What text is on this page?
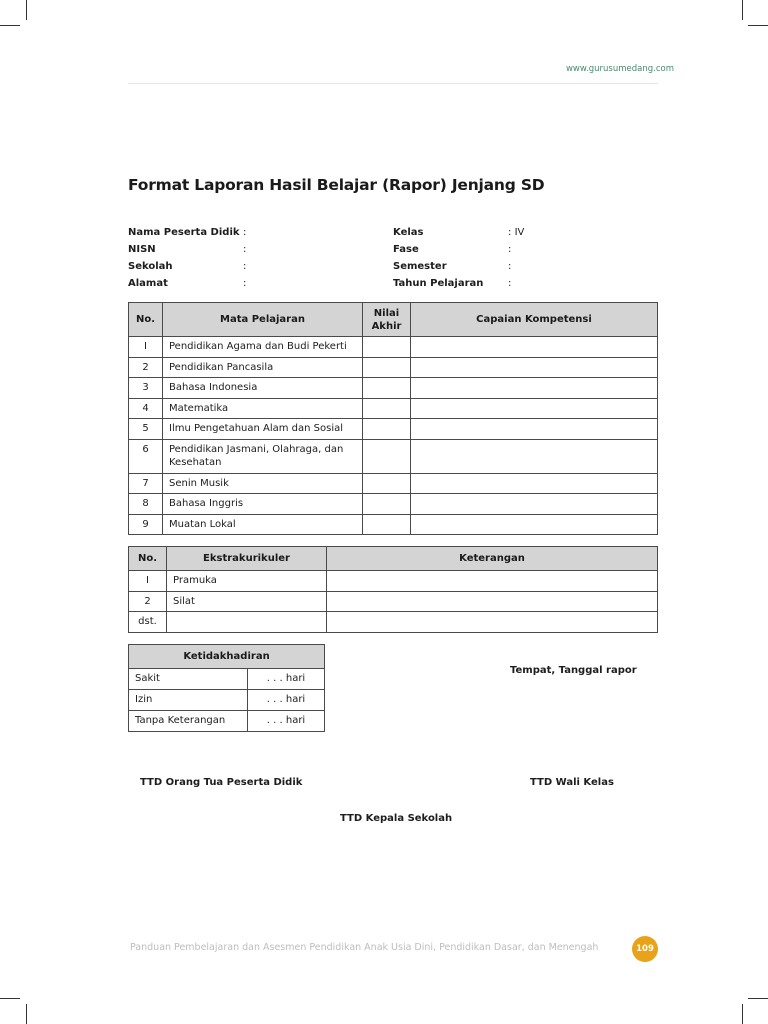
www.gurusumedang.com
Format Laporan Hasil Belajar (Rapor) Jenjang SD
Nama Peserta Didik :
NISN	:
Sekolah	:
Alamat	:
Kelas	: IV
Fase	:
Semester	:
Tahun Pelajaran :
No.	Mata Pelajaran	Nilai Akhir	Capaian Kompetensi
I	Pendidikan Agama dan Budi Pekerti		
2	Pendidikan Pancasila		
3	Bahasa Indonesia		
4	Matematika		
5	Ilmu Pengetahuan Alam dan Sosial		
6	Pendidikan Jasmani, Olahraga, dan Kesehatan		
7	Senin Musik		
8	Bahasa Inggris		
9	Muatan Lokal		
No.	Ekstrakurikuler	Keterangan
I	Pramuka	
2	Silat	
dst.		
Ketidakhadiran	
Sakit	. . . hari
Izin	. . . hari
Tanpa Keterangan	. . . hari
Tempat, Tanggal rapor
TTD Orang Tua Peserta Didik	TTD Wali Kelas
TTD Kepala Sekolah
Panduan Pembelajaran dan Asesmen Pendidikan Anak Usia Dini, Pendidikan Dasar, dan Menengah	109
